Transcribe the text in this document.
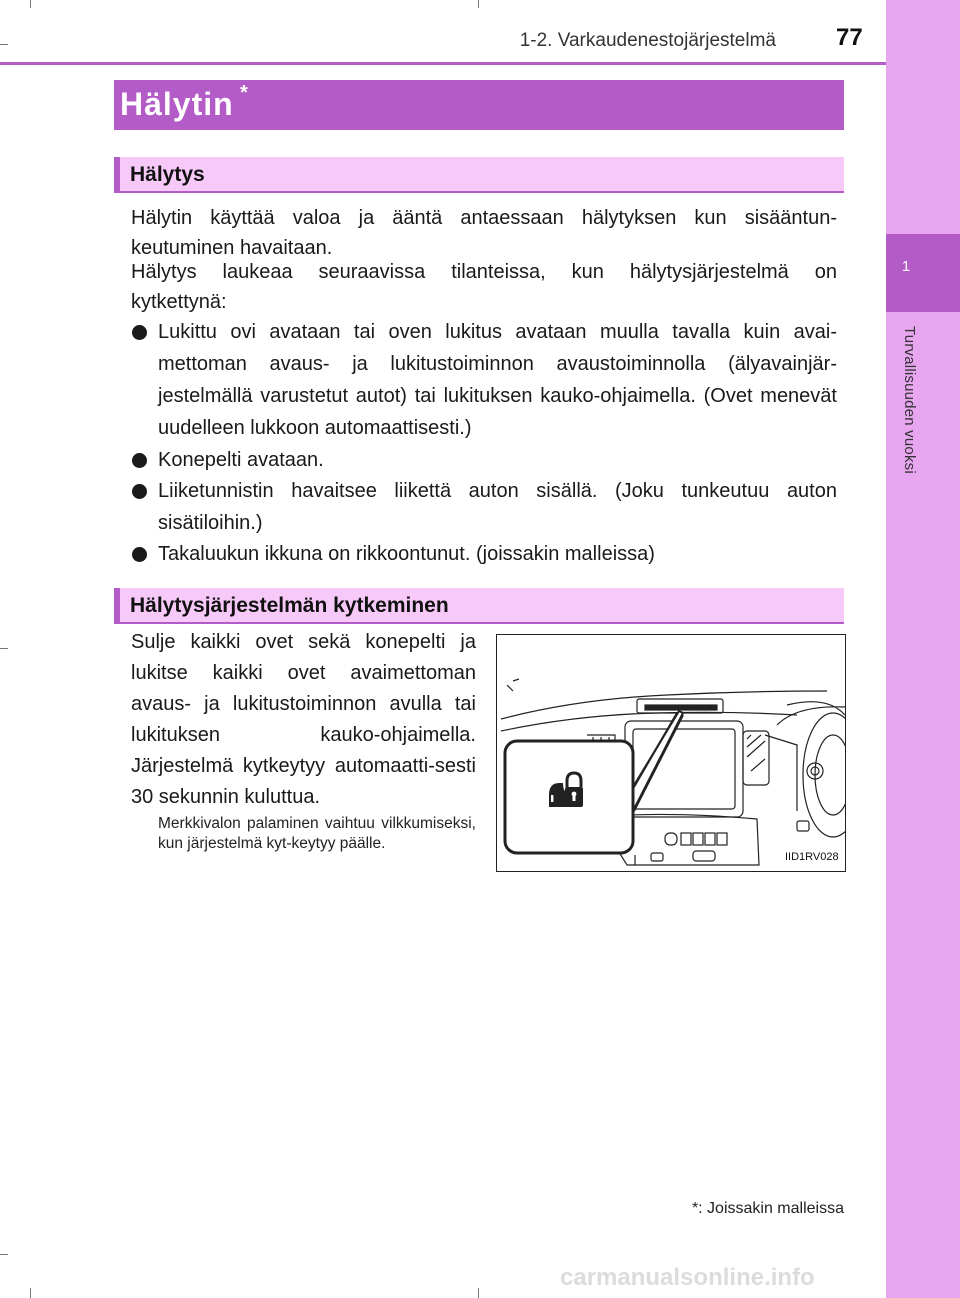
1
Turvallisuuden vuoksi
1-2. Varkaudenestojärjestelmä	77
Hälytin *
Hälytys
Hälytin käyttää valoa ja ääntä antaessaan hälytyksen kun sisääntun-
keutuminen havaitaan.
Hälytys laukeaa seuraavissa tilanteissa, kun hälytysjärjestelmä on
kytkettynä:
Lukittu ovi avataan tai oven lukitus avataan muulla tavalla kuin avai-mettoman avaus- ja lukitustoiminnon avaustoiminnolla (älyavainjär-jestelmällä varustetut autot) tai lukituksen kauko-ohjaimella. (Ovet menevät uudelleen lukkoon automaattisesti.)
Konepelti avataan.
Liiketunnistin havaitsee liikettä auton sisällä. (Joku tunkeutuu auton sisätiloihin.)
Takaluukun ikkuna on rikkoontunut. (joissakin malleissa)
Hälytysjärjestelmän kytkeminen
Sulje kaikki ovet sekä konepelti ja lukitse kaikki ovet avaimettoman avaus- ja lukitustoiminnon avulla tai lukituksen kauko-ohjaimella. Järjestelmä kytkeytyy automaatti-sesti 30 sekunnin kuluttua.
Merkkivalon palaminen vaihtuu vilkkumiseksi, kun järjestelmä kyt-keytyy päälle.
IID1RV028
*: Joissakin malleissa
carmanualsonline.info
